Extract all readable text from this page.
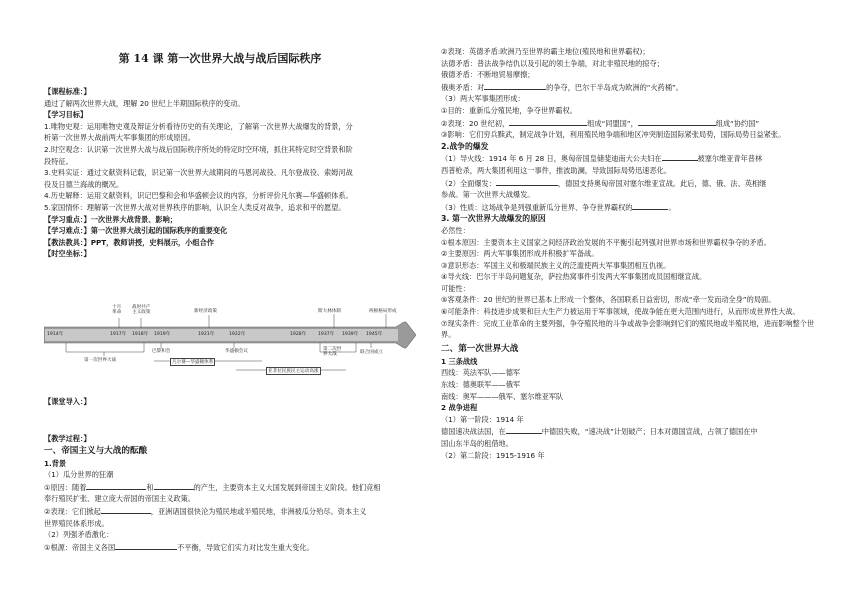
第 14 课 第一次世界大战与战后国际秩序
【课程标准：】
通过了解两次世界大战，理解 20 世纪上半期国际秩序的变动。
【学习目标】
1.唯物史观：运用唯物史观及辩证分析看待历史的有关理论，了解第一次世界大战爆发的背景，分
析第一次世界大战前两大军事集团的形成原因。
2.时空观念：认识第一次世界大战与战后国际秩序所处的特定时空环境，抓住其特定时空背景和阶
段特征。
3.史料实证：通过文献资料记载，识记第一次世界大战期间的马恩河战役、凡尔登战役、索姆河战
役及日德兰海战的概况。
4.历史解释：运用文献资料，识记巴黎和会和华盛顿会议的内容，分析评价凡尔赛—华盛顿体系。
5.家国情怀：理解第一次世界大战对世界秩序的影响，认识全人类反对战争，追求和平的愿望。
【学习重点：】一次世界大战背景、影响；
【学习难点：】第一次世界大战引起的国际秩序的重要变化
【教法教具：】PPT，教师讲授，史料展示，小组合作
【时空坐标：】
十月
革命
战时共产
主义政策	新经济政策	斯大林体制	两极格局形成
1914年	1917年 1918年 1919年	1921年	1922年	1928年	1937年 1939年 1945年
第一次世界大战
巴黎和会	华盛顿会议	第二次世
界大战	联合国成立
凡尔赛—华盛顿体系
亚非拉民族民主运动高涨
【课堂导入：】
【教学过程：】
一、帝国主义与大战的酝酿
1.背景
（1）瓜分世界的狂潮
①原因：随着	和	的产生，主要资本主义大国发展到帝国主义阶段。他们竞相
奉行殖民扩张、建立庞大帝国的帝国主义政策。
②表现：它们掀起	，亚洲诸国很快沦为殖民地或半殖民地，非洲被瓜分殆尽。资本主义
世界殖民体系形成。
（2）列强矛盾激化：
①根源：帝国主义各国	不平衡，导致它们实力对比发生重大变化。
②表现：英德矛盾:欧洲乃至世界的霸主地位(殖民地和世界霸权)；
法德矛盾：普法战争结仇以及引起的领土争端，对北非殖民地的掠夺；
俄德矛盾：不断地贸易摩擦；
俄奥矛盾：对	的争夺，巴尔干半岛成为欧洲的“火药桶”。
（3）两大军事集团形成：
①目的：重新瓜分殖民地，争夺世界霸权。
②表现：20 世纪初，	组成“同盟国”，	组成“协约国”
③影响：它们穷兵黩武，制定战争计划，利用殖民地争端和地区冲突制造国际紧张局势，国际局势日益紧张。
2.战争的爆发
（1）导火线：1914 年 6 月 28 日，奥匈帝国皇储斐迪南大公夫妇在	被塞尔维亚青年普林
西普枪杀，两大集团利用这一事件，推波助澜，导致国际局势迅速恶化。
（2）全面爆发：	，德国支持奥匈帝国对塞尔维亚宣战。此后，德、俄、法、英相继
参战。第一次世界大战爆发。
（3）性质：这场战争是列强重新瓜分世界、争夺世界霸权的	。
3. 第一次世界大战爆发的原因
必然性：
①根本原因：主要资本主义国家之间经济政治发展的不平衡引起列强对世界市场和世界霸权争夺的矛盾。
②主要原因：两大军事集团形成并积极扩军备战。
③意识形态：军国主义和极端民族主义的泛滥使两大军事集团相互仇视。
④导火线：巴尔干半岛问题复杂，萨拉热窝事件引发两大军事集团成员国相继宣战。
可能性：
⑤客观条件：20 世纪的世界已基本上形成一个整体，各国联系日益密切，形成“牵一发而动全身”的局面。
⑥可能条件：科技进步成果和巨大生产力被运用于军事领域，使战争能在更大范围内进行，从而形成世界性大战。
⑦现实条件：完成工业革命的主要列强，争夺殖民地的斗争或战争会影响到它们的殖民地或半殖民地，进而影响整个世界。
二、第一次世界大战
1 三条战线
西线：英法军队——德军
东线：德奥联军——俄军
南线：奥军———俄军、塞尔维亚军队
2 战争进程
（1）第一阶段：1914 年
德国速决战法国，在	中德国失败，“速决战”计划破产；日本对德国宣战，占领了德国在中
国山东半岛的租借地。
（2）第二阶段：1915-1916 年
